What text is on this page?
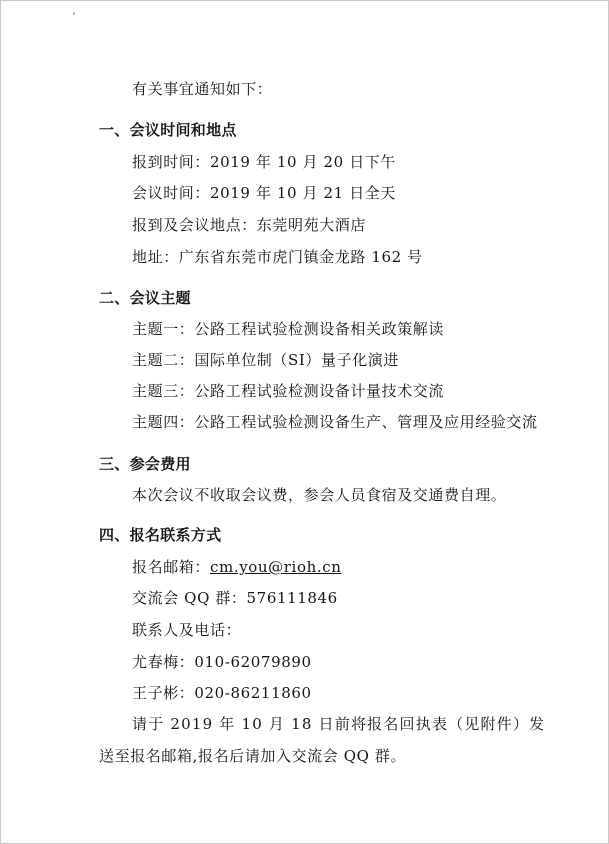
有关事宜通知如下：
一、会议时间和地点
报到时间：2019 年 10 月 20 日下午
会议时间：2019 年 10 月 21 日全天
报到及会议地点：东莞明苑大酒店
地址：广东省东莞市虎门镇金龙路 162 号
二、会议主题
主题一：公路工程试验检测设备相关政策解读
主题二：国际单位制（SI）量子化演进
主题三：公路工程试验检测设备计量技术交流
主题四：公路工程试验检测设备生产、管理及应用经验交流
三、参会费用
本次会议不收取会议费，参会人员食宿及交通费自理。
四、报名联系方式
报名邮箱：cm.you@rioh.cn
交流会 QQ 群：576111846
联系人及电话：
尤春梅：010-62079890
王子彬：020-86211860
请于 2019 年 10 月 18 日前将报名回执表（见附件）发
送至报名邮箱,报名后请加入交流会 QQ 群。
